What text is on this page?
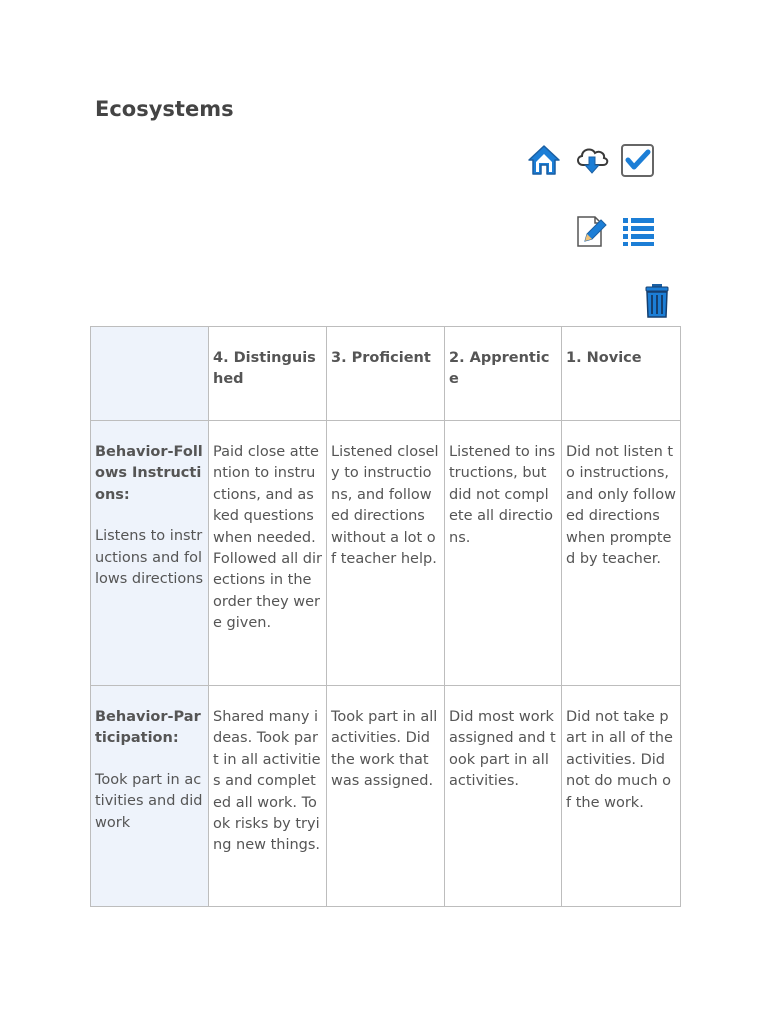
Ecosystems
	4. Distinguished	3. Proficient	2. Apprentice	1. Novice

Behavior-Follows Instructions:
Listens to instructions and follows directions	Paid close attention to instructions, and asked questions when needed. Followed all directions in the order they were given.	Listened closely to instructions, and followed directions without a lot of teacher help.	Listened to instructions, but did not complete all directions.	Did not listen to instructions, and only followed directions when prompted by teacher.

Behavior-Participation:
Took part in activities and did work	Shared many ideas. Took part in all activities and completed all work. Took risks by trying new things.	Took part in all activities. Did the work that was assigned.	Did most work assigned and took part in all activities.	Did not take part in all of the activities. Did not do much of the work.
